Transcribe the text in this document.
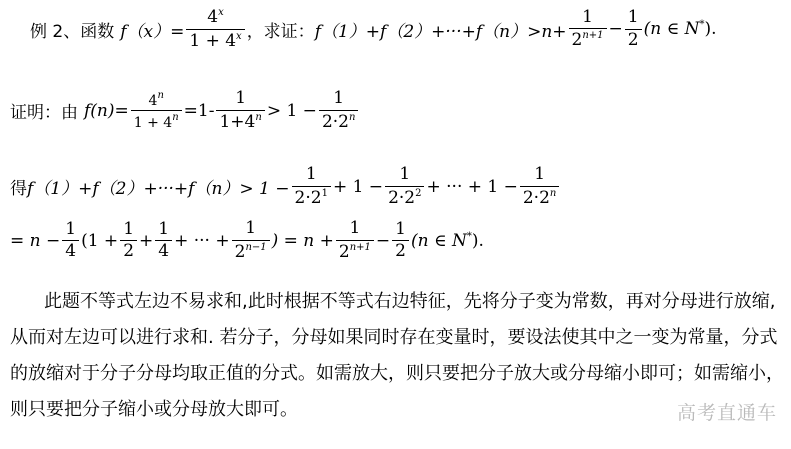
例 2、函数 $f(x)= \frac{4^x}{1 + 4^x}$ ，求证： $f(1)+f(2)+\cdot\cdot\cdot+f(n)>n+ \frac{1}{2^{n+1}} - \frac{1}{2} (n$ ∈ N*).
证明：由 $f(n)= \frac{4^n}{1 + 4^n} =1- \frac{1}{1+4^n} > 1 - \frac{1}{2\cdot 2^n}$
得 $f(1)+f(2)+\cdot\cdot\cdot+f(n)> 1 - \frac{1}{2\cdot 2^1} + 1 - \frac{1}{2\cdot 2^2}$ + ··· + $1 - \frac{1}{2\cdot 2^n}$
= $n - \frac{1}{4} (1 + \frac{1}{2} + \frac{1}{4}$ + ··· + $\frac{1}{2^{n-1}}$ ) = $n + \frac{1}{2^{n+1}} - \frac{1}{2} (n$ ∈ N*).
此题不等式左边不易求和,此时根据不等式右边特征，先将分子变为常数，再对分母进行放缩,从而对左边可以进行求和. 若分子，分母如果同时存在变量时，要设法使其中之一变为常量，分式的放缩对于分子分母均取正值的分式。如需放大，则只要把分子放大或分母缩小即可；如需缩小，则只要把分子缩小或分母放大即可。	高考直通车
